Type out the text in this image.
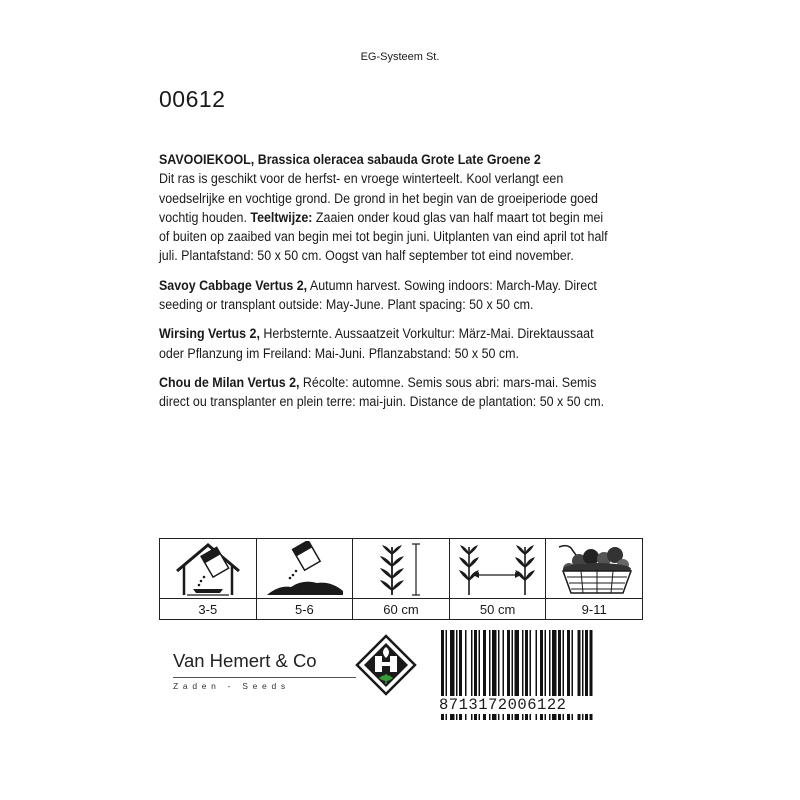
EG-Systeem St.
00612

SAVOOIEKOOL, Brassica oleracea sabauda Grote Late Groene 2
Dit ras is geschikt voor de herfst- en vroege winterteelt. Kool verlangt een voedselrijke en vochtige grond. De grond in het begin van de groeiperiode goed vochtig houden. Teeltwijze: Zaaien onder koud glas van half maart tot begin mei of buiten op zaaibed van begin mei tot begin juni. Uitplanten van eind april tot half juli. Plantafstand: 50 x 50 cm. Oogst van half september tot eind november.

Savoy Cabbage Vertus 2, Autumn harvest. Sowing indoors: March-May. Direct seeding or transplant outside: May-June. Plant spacing: 50 x 50 cm.

Wirsing Vertus 2, Herbsternte. Aussaatzeit Vorkultur: März-Mai. Direktaussaat oder Pflanzung im Freiland: Mai-Juni. Pflanzabstand: 50 x 50 cm.

Chou de Milan Vertus 2, Récolte: automne. Semis sous abri: mars-mai. Semis direct ou transplanter en plein terre: mai-juin. Distance de plantation: 50 x 50 cm.

3-5	5-6	60 cm	50 cm	9-11
Van Hemert & Co
Zaden - Seeds
8713172006122
